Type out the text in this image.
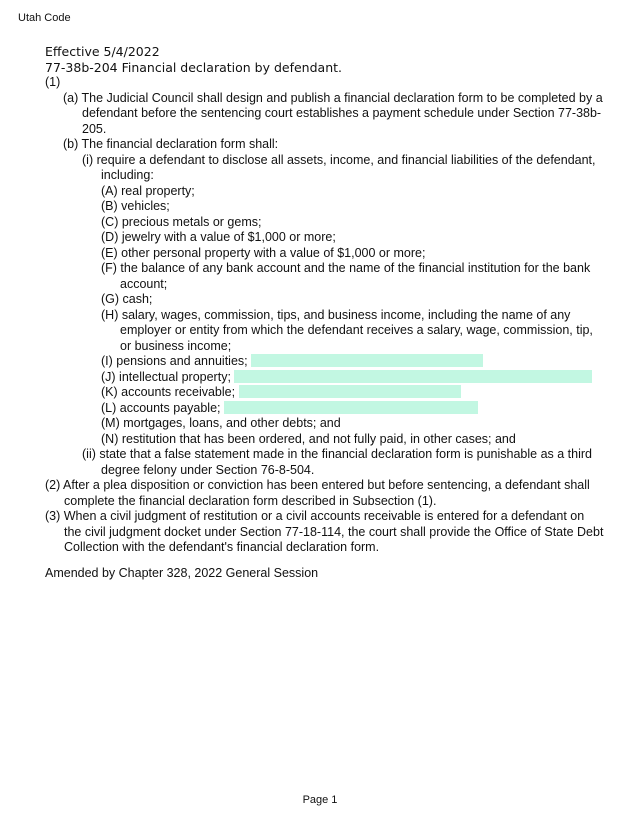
Utah Code
Effective 5/4/2022
77-38b-204 Financial declaration by defendant.
(1)
(a) The Judicial Council shall design and publish a financial declaration form to be completed by a defendant before the sentencing court establishes a payment schedule under Section 77-38b-205.
(b) The financial declaration form shall:
(i) require a defendant to disclose all assets, income, and financial liabilities of the defendant, including:
(A) real property;
(B) vehicles;
(C) precious metals or gems;
(D) jewelry with a value of $1,000 or more;
(E) other personal property with a value of $1,000 or more;
(F) the balance of any bank account and the name of the financial institution for the bank account;
(G) cash;
(H) salary, wages, commission, tips, and business income, including the name of any employer or entity from which the defendant receives a salary, wage, commission, tip, or business income;
(I) pensions and annuities;
(J) intellectual property;
(K) accounts receivable;
(L) accounts payable;
(M) mortgages, loans, and other debts; and
(N) restitution that has been ordered, and not fully paid, in other cases; and
(ii) state that a false statement made in the financial declaration form is punishable as a third degree felony under Section 76-8-504.
(2) After a plea disposition or conviction has been entered but before sentencing, a defendant shall complete the financial declaration form described in Subsection (1).
(3) When a civil judgment of restitution or a civil accounts receivable is entered for a defendant on the civil judgment docket under Section 77-18-114, the court shall provide the Office of State Debt Collection with the defendant's financial declaration form.
Amended by Chapter 328, 2022 General Session
Page 1
